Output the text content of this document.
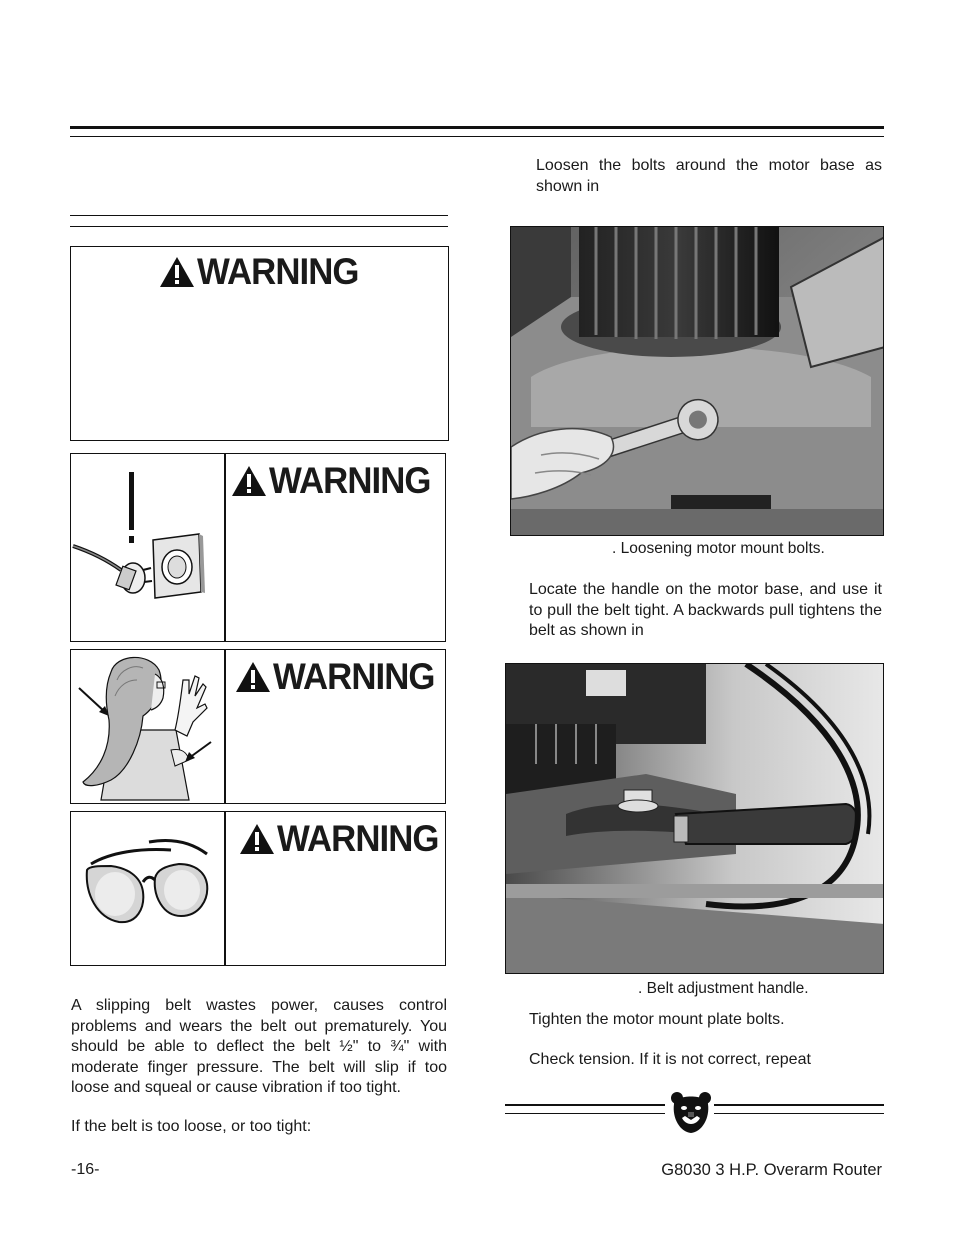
WARNING
WARNING
WARNING
WARNING
A slipping belt wastes power, causes control problems and wears the belt out prematurely. You should be able to deflect the belt ½" to ¾" with moderate finger pressure. The belt will slip if too loose and squeal or cause vibration if too tight.
If the belt is too loose, or too tight:
Loosen the bolts around the motor base as shown in
. Loosening motor mount bolts.
Locate the handle on the motor base, and use it to pull the belt tight. A backwards pull tightens the belt as shown in
. Belt adjustment handle.
Tighten the motor mount plate bolts.
Check tension. If it is not correct, repeat
-16-	G8030 3 H.P. Overarm Router
